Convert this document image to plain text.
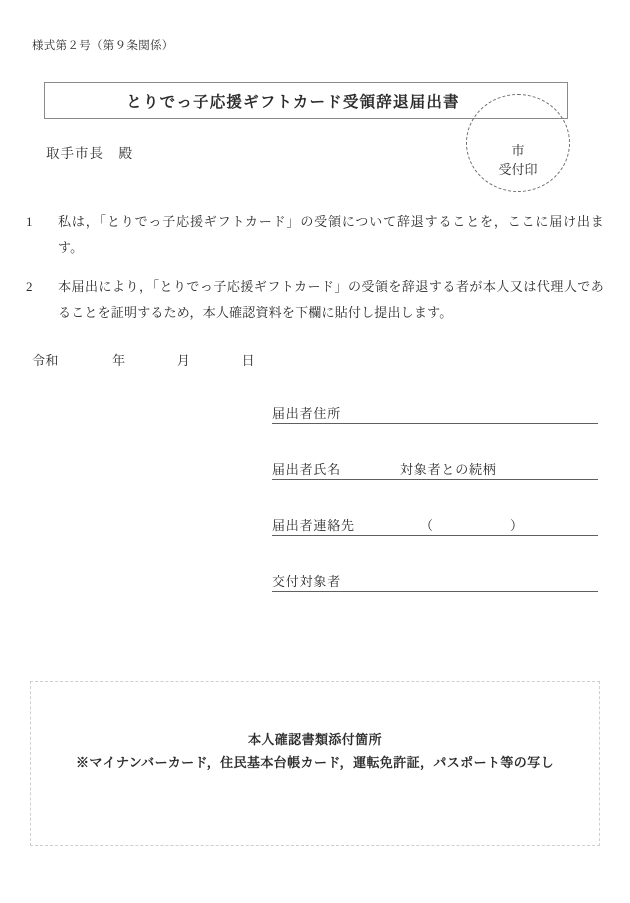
様式第２号（第９条関係）
とりでっ子応援ギフトカード受領辞退届出書
市
受付印
取手市長　殿
1	私は，「とりでっ子応援ギフトカード」の受領について辞退することを，ここに届け出ます。
2	本届出により，「とりでっ子応援ギフトカード」の受領を辞退する者が本人又は代理人であることを証明するため，本人確認資料を下欄に貼付し提出します。
令和	年	月	日
届出者住所
届出者氏名	対象者との続柄
届出者連絡先	（	）
交付対象者
本人確認書類添付箇所
※マイナンバーカード，住民基本台帳カード，運転免許証，パスポート等の写し
